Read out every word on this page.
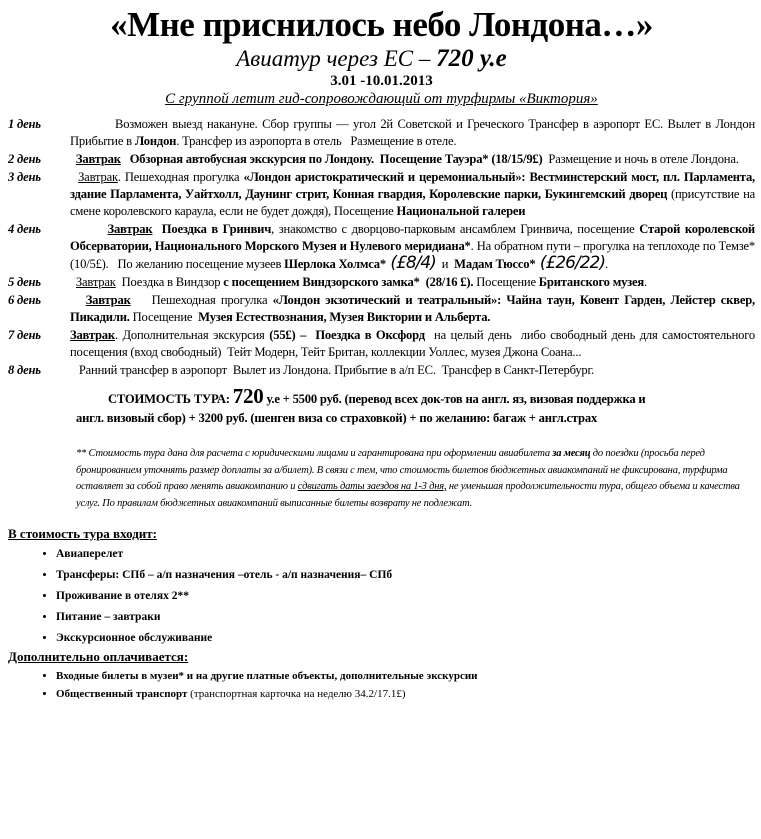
«Мне приснилось небо Лондона…»
Авиатур через ЕС – 720 у.е
3.01 -10.01.2013
С группой летит гид-сопровождающий от турфирмы «Виктория»
1 день	Возможен выезд накануне. Сбор группы — угол 2й Советской и Греческого Трансфер в аэропорт ЕС. Вылет в Лондон  Прибытие в Лондон. Трансфер из аэропорта в отель   Размещение в отеле.
2 день	Завтрак   Обзорная автобусная экскурсия по Лондону.  Посещение Тауэра* (18/15/9£)  Размещение и ночь в отеле Лондона.
3 день	Завтрак. Пешеходная прогулка «Лондон аристократический и церемониальный»: Вестминстерский мост, пл. Парламента, здание Парламента, Уайтхолл, Даунинг стрит, Конная гвардия, Королевские парки, Букингемский дворец (присутствие на смене королевского караула, если не будет дождя), Посещение Национальной галереи
4 день	Завтрак  Поездка в Гринвич, знакомство с дворцово-парковым ансамблем Гринвича, посещение Старой королевской Обсерватории, Национального Морского Музея и Нулевого меридиана*. На обратном пути – прогулка на теплоходе по Темзе*(10/5£).   По желанию посещение музеев Шерлока Холмса* (£8/4)  и  Мадам Тюссо* (£26/22).
5 день	Завтрак  Поездка в Виндзор с посещением Виндзорского замка*  (28/16 £). Посещение Британского музея.
6 день	Завтрак    Пешеходная прогулка «Лондон экзотический и театральный»: Чайна таун, Ковент Гарден, Лейстер сквер, Пикадили. Посещение  Музея Естествознания, Музея Виктории и Альберта.
7 день	Завтрак. Дополнительная экскурсия (55£) –  Поездка в Оксфорд  на целый день  либо свободный день для самостоятельного посещения (вход свободный)  Тейт Модерн, Тейт Британ, коллекции Уоллес, музея Джона Соана...
8 день	Ранний трансфер в аэропорт  Вылет из Лондона. Прибытие в а/п ЕС.  Трансфер в Санкт-Петербург.
СТОИМОСТЬ ТУРА: 720 у.е + 5500 руб. (перевод всех док-тов на англ. яз, визовая поддержка и англ. визовый сбор) + 3200 руб. (шенген виза со страховкой) + по желанию: багаж + англ.страх
** Стоимость тура дана для расчета с юридическими лицами и гарантирована при оформлении авиабилета за месяц до поездки (просьба перед бронированием уточнять размер доплаты за а/билет). В связи с тем, что стоимость билетов бюджетных авиакомпаний не фиксирована, турфирма оставляет за собой право менять авиакомпанию и сдвигать даты заездов на 1-3 дня, не уменьшая продолжительности тура, общего объема и качества услуг. По правилам бюджетных авиакомпаний выписанные билеты возврату не подлежат.
В стоимость тура входит:
• Авиаперелет
• Трансферы: СПб – а/п назначения –отель - а/п назначения– СПб
• Проживание в отелях 2**
• Питание – завтраки
• Экскурсионное обслуживание
Дополнительно оплачивается:
• Входные билеты в музеи* и на другие платные объекты, дополнительные экскурсии
• Общественный транспорт (транспортная карточка на неделю 34.2/17.1£)
